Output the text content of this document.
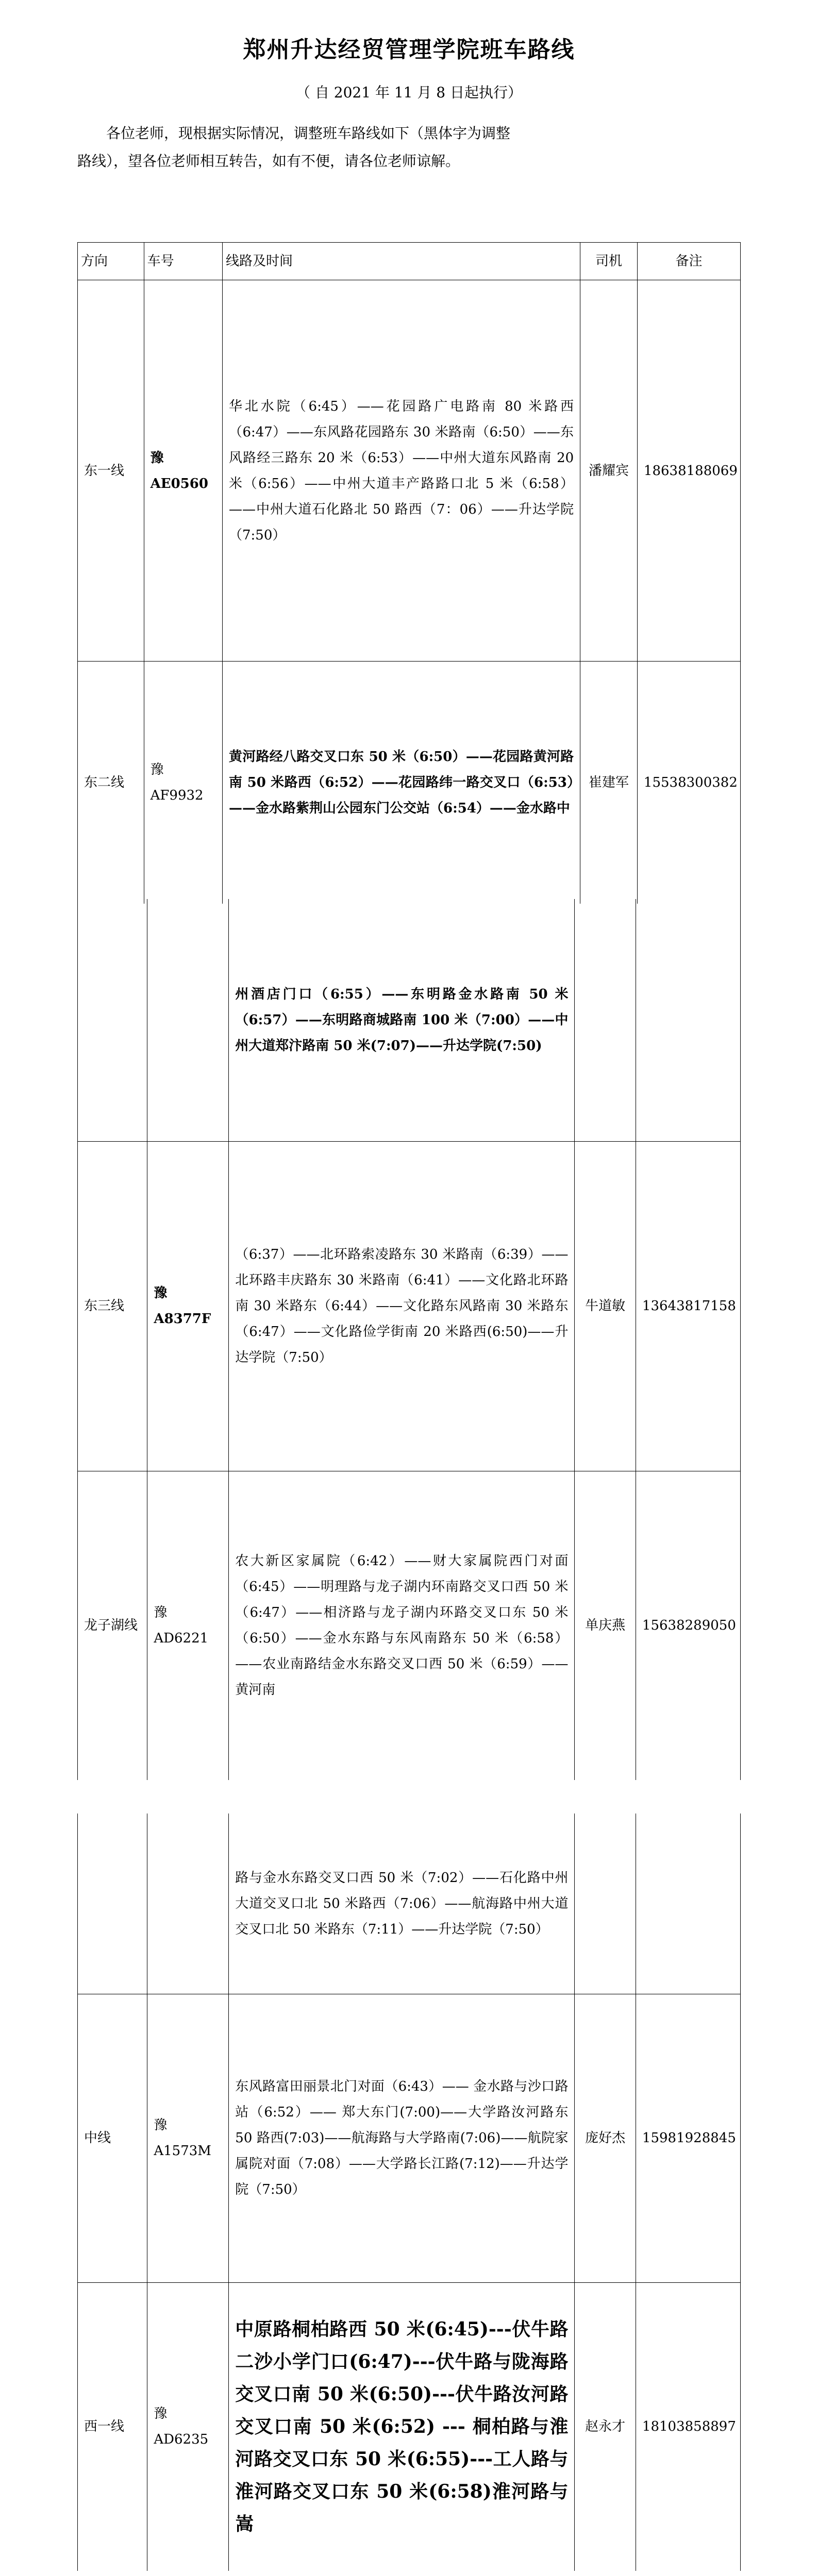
郑州升达经贸管理学院班车路线
（ 自 2021 年 11 月 8 日起执行）
各位老师，现根据实际情况，调整班车路线如下（黑体字为调整
路线），望各位老师相互转告，如有不便，请各位老师谅解。
方向	车号	线路及时间	司机	备注
东一线	豫 AE0560	华北水院（6:45）——花园路广电路南 80 米路西（6:47）——东风路花园路东 30 米路南（6:50）——东风路经三路东 20 米（6:53）——中州大道东风路南 20 米（6:56）——中州大道丰产路路口北 5 米（6:58）——中州大道石化路北 50 路西（7：06）——升达学院（7:50）	潘耀宾	18638188069
东二线	豫 AF9932	黄河路经八路交叉口东 50 米（6:50）——花园路黄河路南 50 米路西（6:52）——花园路纬一路交叉口（6:53）——金水路紫荆山公园东门公交站（6:54）——金水路中	崔建军	15538300382
		州酒店门口（6:55）——东明路金水路南 50 米（6:57）——东明路商城路南 100 米（7:00）——中州大道郑汴路南 50 米(7:07)——升达学院(7:50)		
东三线	豫 A8377F	（6:37）——北环路索凌路东 30 米路南（6:39）——北环路丰庆路东 30 米路南（6:41）——文化路北环路南 30 米路东（6:44）——文化路东风路南 30 米路东（6:47）——文化路俭学街南 20 米路西(6:50)——升达学院（7:50）	牛道敏	13643817158
龙子湖线	豫 AD6221	农大新区家属院（6:42）——财大家属院西门对面（6:45）——明理路与龙子湖内环南路交叉口西 50 米（6:47）——相济路与龙子湖内环路交叉口东 50 米（6:50）——金水东路与东风南路东 50 米（6:58）——农业南路结金水东路交叉口西 50 米（6:59）——黄河南	单庆燕	15638289050
		路与金水东路交叉口西 50 米（7:02）——石化路中州大道交叉口北 50 米路西（7:06）——航海路中州大道交叉口北 50 米路东（7:11）——升达学院（7:50）		
中线	豫 A1573M	东风路富田丽景北门对面（6:43）—— 金水路与沙口路站（6:52）—— 郑大东门(7:00)——大学路汝河路东 50 路西(7:03)——航海路与大学路南(7:06)——航院家属院对面（7:08）——大学路长江路(7:12)——升达学院（7:50）	庞好杰	15981928845
西一线	豫 AD6235	中原路桐柏路西 50 米(6:45)---伏牛路二沙小学门口(6:47)---伏牛路与陇海路交叉口南 50 米(6:50)---伏牛路汝河路交叉口南 50 米(6:52) --- 桐柏路与淮河路交叉口东 50 米(6:55)---工人路与淮河路交叉口东 50 米(6:58)淮河路与嵩	赵永才	18103858897
